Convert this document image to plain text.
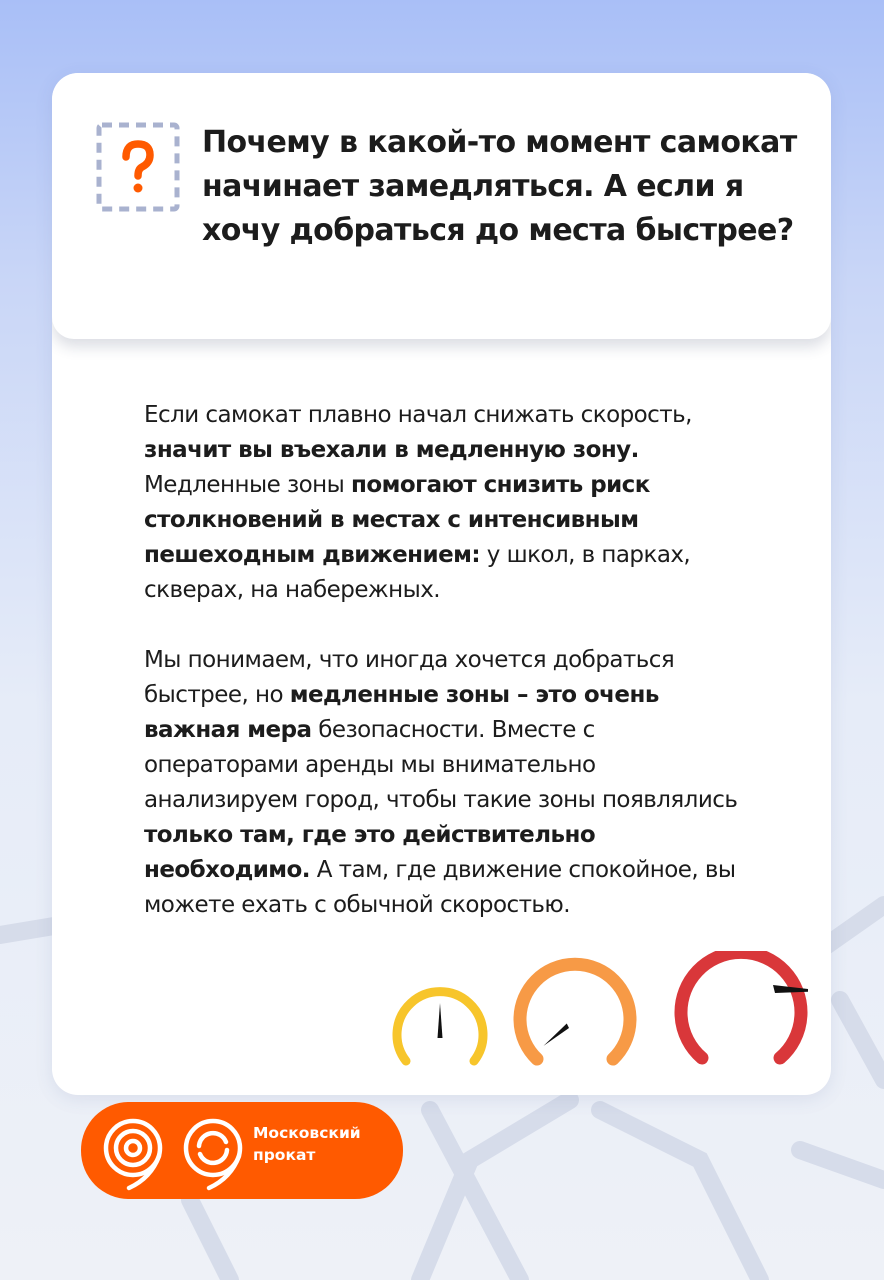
Почему в какой-то момент самокат начинает замедляться. А если я хочу добраться до места быстрее?

Если самокат плавно начал снижать скорость, значит вы въехали в медленную зону. Медленные зоны помогают снизить риск столкновений в местах с интенсивным пешеходным движением: у школ, в парках, скверах, на набережных.

Мы понимаем, что иногда хочется добраться быстрее, но медленные зоны – это очень важная мера безопасности. Вместе с операторами аренды мы внимательно анализируем город, чтобы такие зоны появлялись только там, где это действительно необходимо. А там, где движение спокойное, вы можете ехать с обычной скоростью.

Московский
прокат
